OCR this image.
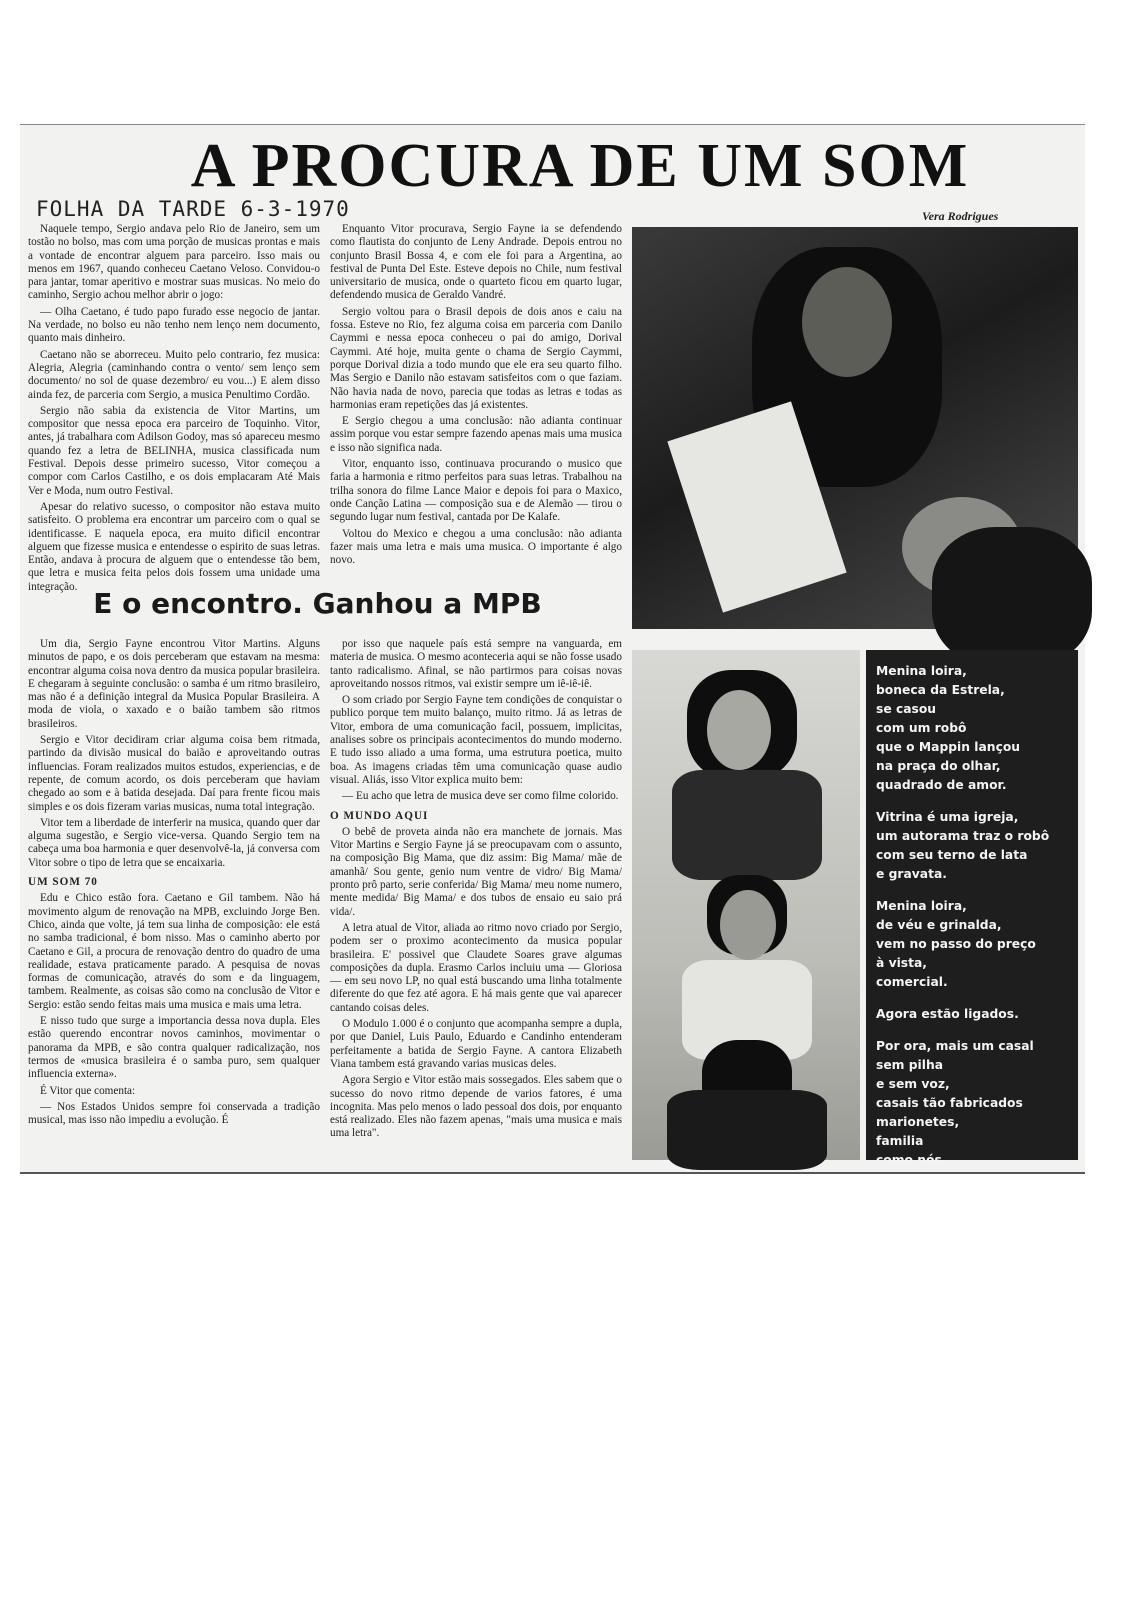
A PROCURA DE UM SOM
FOLHA DA TARDE 6-3-1970	Vera Rodrigues

Naquele tempo, Sergio andava pelo Rio de Janeiro, sem um tostão no bolso, mas com uma porção de musicas prontas e mais a vontade de encontrar alguem para parceiro. Isso mais ou menos em 1967, quando conheceu Caetano Veloso. Convidou-o para jantar, tomar aperitivo e mostrar suas musicas. No meio do caminho, Sergio achou melhor abrir o jogo:

— Olha Caetano, é tudo papo furado esse negocio de jantar. Na verdade, no bolso eu não tenho nem lenço nem documento, quanto mais dinheiro.

Caetano não se aborreceu. Muito pelo contrario, fez musica: Alegria, Alegria (caminhando contra o vento/ sem lenço sem documento/ no sol de quase dezembro/ eu vou...) E alem disso ainda fez, de parceria com Sergio, a musica Penultimo Cordão.

Sergio não sabia da existencia de Vitor Martins, um compositor que nessa epoca era parceiro de Toquinho. Vitor, antes, já trabalhara com Adilson Godoy, mas só apareceu mesmo quando fez a letra de BELINHA, musica classificada num Festival. Depois desse primeiro sucesso, Vitor começou a compor com Carlos Castilho, e os dois emplacaram Até Mais Ver e Moda, num outro Festival.

Apesar do relativo sucesso, o compositor não estava muito satisfeito. O problema era encontrar um parceiro com o qual se identificasse. E naquela epoca, era muito dificil encontrar alguem que fizesse musica e entendesse o espirito de suas letras. Então, andava à procura de alguem que o entendesse tão bem, que letra e musica feita pelos dois fossem uma unidade uma integração.

Enquanto Vitor procurava, Sergio Fayne ia se defendendo como flautista do conjunto de Leny Andrade. Depois entrou no conjunto Brasil Bossa 4, e com ele foi para a Argentina, ao festival de Punta Del Este. Esteve depois no Chile, num festival universitario de musica, onde o quarteto ficou em quarto lugar, defendendo musica de Geraldo Vandré.

Sergio voltou para o Brasil depois de dois anos e caiu na fossa. Esteve no Rio, fez alguma coisa em parceria com Danilo Caymmi e nessa epoca conheceu o pai do amigo, Dorival Caymmi. Até hoje, muita gente o chama de Sergio Caymmi, porque Dorival dizia a todo mundo que ele era seu quarto filho. Mas Sergio e Danilo não estavam satisfeitos com o que faziam. Não havia nada de novo, parecia que todas as letras e todas as harmonias eram repetições das já existentes.

E Sergio chegou a uma conclusão: não adianta continuar assim porque vou estar sempre fazendo apenas mais uma musica e isso não significa nada.

Vitor, enquanto isso, continuava procurando o musico que faria a harmonia e ritmo perfeitos para suas letras. Trabalhou na trilha sonora do filme Lance Maior e depois foi para o Maxico, onde Canção Latina — composição sua e de Alemão — tirou o segundo lugar num festival, cantada por De Kalafe.

Voltou do Mexico e chegou a uma conclusão: não adianta fazer mais uma letra e mais uma musica. O importante é algo novo.

E o encontro. Ganhou a MPB

Um dia, Sergio Fayne encontrou Vitor Martins. Alguns minutos de papo, e os dois perceberam que estavam na mesma: encontrar alguma coisa nova dentro da musica popular brasileira. E chegaram à seguinte conclusão: o samba é um ritmo brasileiro, mas não é a definição integral da Musica Popular Brasileira. A moda de viola, o xaxado e o baião tambem são ritmos brasileiros.

Sergio e Vitor decidiram criar alguma coisa bem ritmada, partindo da divisão musical do baião e aproveitando outras influencias. Foram realizados muitos estudos, experiencias, e de repente, de comum acordo, os dois perceberam que haviam chegado ao som e à batida desejada. Daí para frente ficou mais simples e os dois fizeram varias musicas, numa total integração.

Vitor tem a liberdade de interferir na musica, quando quer dar alguma sugestão, e Sergio vice-versa. Quando Sergio tem na cabeça uma boa harmonia e quer desenvolvê-la, já conversa com Vitor sobre o tipo de letra que se encaixaria.

UM SOM 70

Edu e Chico estão fora. Caetano e Gil tambem. Não há movimento algum de renovação na MPB, excluindo Jorge Ben. Chico, ainda que volte, já tem sua linha de composição: ele está no samba tradicional, é bom nisso. Mas o caminho aberto por Caetano e Gil, a procura de renovação dentro do quadro de uma realidade, estava praticamente parado. A pesquisa de novas formas de comunicação, através do som e da linguagem, tambem. Realmente, as coisas são como na conclusão de Vitor e Sergio: estão sendo feitas mais uma musica e mais uma letra.

E nisso tudo que surge a importancia dessa nova dupla. Eles estão querendo encontrar novos caminhos, movimentar o panorama da MPB, e são contra qualquer radicalização, nos termos de «musica brasileira é o samba puro, sem qualquer influencia externa».

É Vitor que comenta:

— Nos Estados Unidos sempre foi conservada a tradição musical, mas isso não impediu a evolução. É

por isso que naquele país está sempre na vanguarda, em materia de musica. O mesmo aconteceria aqui se não fosse usado tanto radicalismo. Afinal, se não partirmos para coisas novas aproveitando nossos ritmos, vai existir sempre um iê-iê-iê.

O som criado por Sergio Fayne tem condições de conquistar o publico porque tem muito balanço, muito ritmo. Já as letras de Vitor, embora de uma comunicação facil, possuem, implicitas, analises sobre os principais acontecimentos do mundo moderno. E tudo isso aliado a uma forma, uma estrutura poetica, muito boa. As imagens criadas têm uma comunicação quase audio visual. Aliás, isso Vitor explica muito bem:

— Eu acho que letra de musica deve ser como filme colorido.

O MUNDO AQUI

O bebê de proveta ainda não era manchete de jornais. Mas Vitor Martins e Sergio Fayne já se preocupavam com o assunto, na composição Big Mama, que diz assim: Big Mama/ mãe de amanhã/ Sou gente, genio num ventre de vidro/ Big Mama/ pronto prô parto, serie conferida/ Big Mama/ meu nome numero, mente medida/ Big Mama/ e dos tubos de ensaio eu saio prá vida/.

A letra atual de Vitor, aliada ao ritmo novo criado por Sergio, podem ser o proximo acontecimento da musica popular brasileira. E' possivel que Claudete Soares grave algumas composições da dupla. Erasmo Carlos incluiu uma — Gloriosa — em seu novo LP, no qual está buscando uma linha totalmente diferente do que fez até agora. E há mais gente que vai aparecer cantando coisas deles.

O Modulo 1.000 é o conjunto que acompanha sempre a dupla, por que Daniel, Luis Paulo, Eduardo e Candinho entenderam perfeitamente a batida de Sergio Fayne. A cantora Elizabeth Viana tambem está gravando varias musicas deles.

Agora Sergio e Vitor estão mais sossegados. Eles sabem que o sucesso do novo ritmo depende de varios fatores, é uma incognita. Mas pelo menos o lado pessoal dos dois, por enquanto está realizado. Eles não fazem apenas, "mais uma musica e mais uma letra".

Menina loira,
boneca da Estrela,
se casou
com um robô
que o Mappin lançou
na praça do olhar,
quadrado de amor.
Vitrina é uma igreja,
um autorama traz o robô
com seu terno de lata
e gravata.
Menina loira,
de véu e grinalda,
vem no passo do preço
à vista,
comercial.
Agora estão ligados.
Por ora, mais um casal
sem pilha
e sem voz,
casais tão fabricados
marionetes,
familia
como nós.
